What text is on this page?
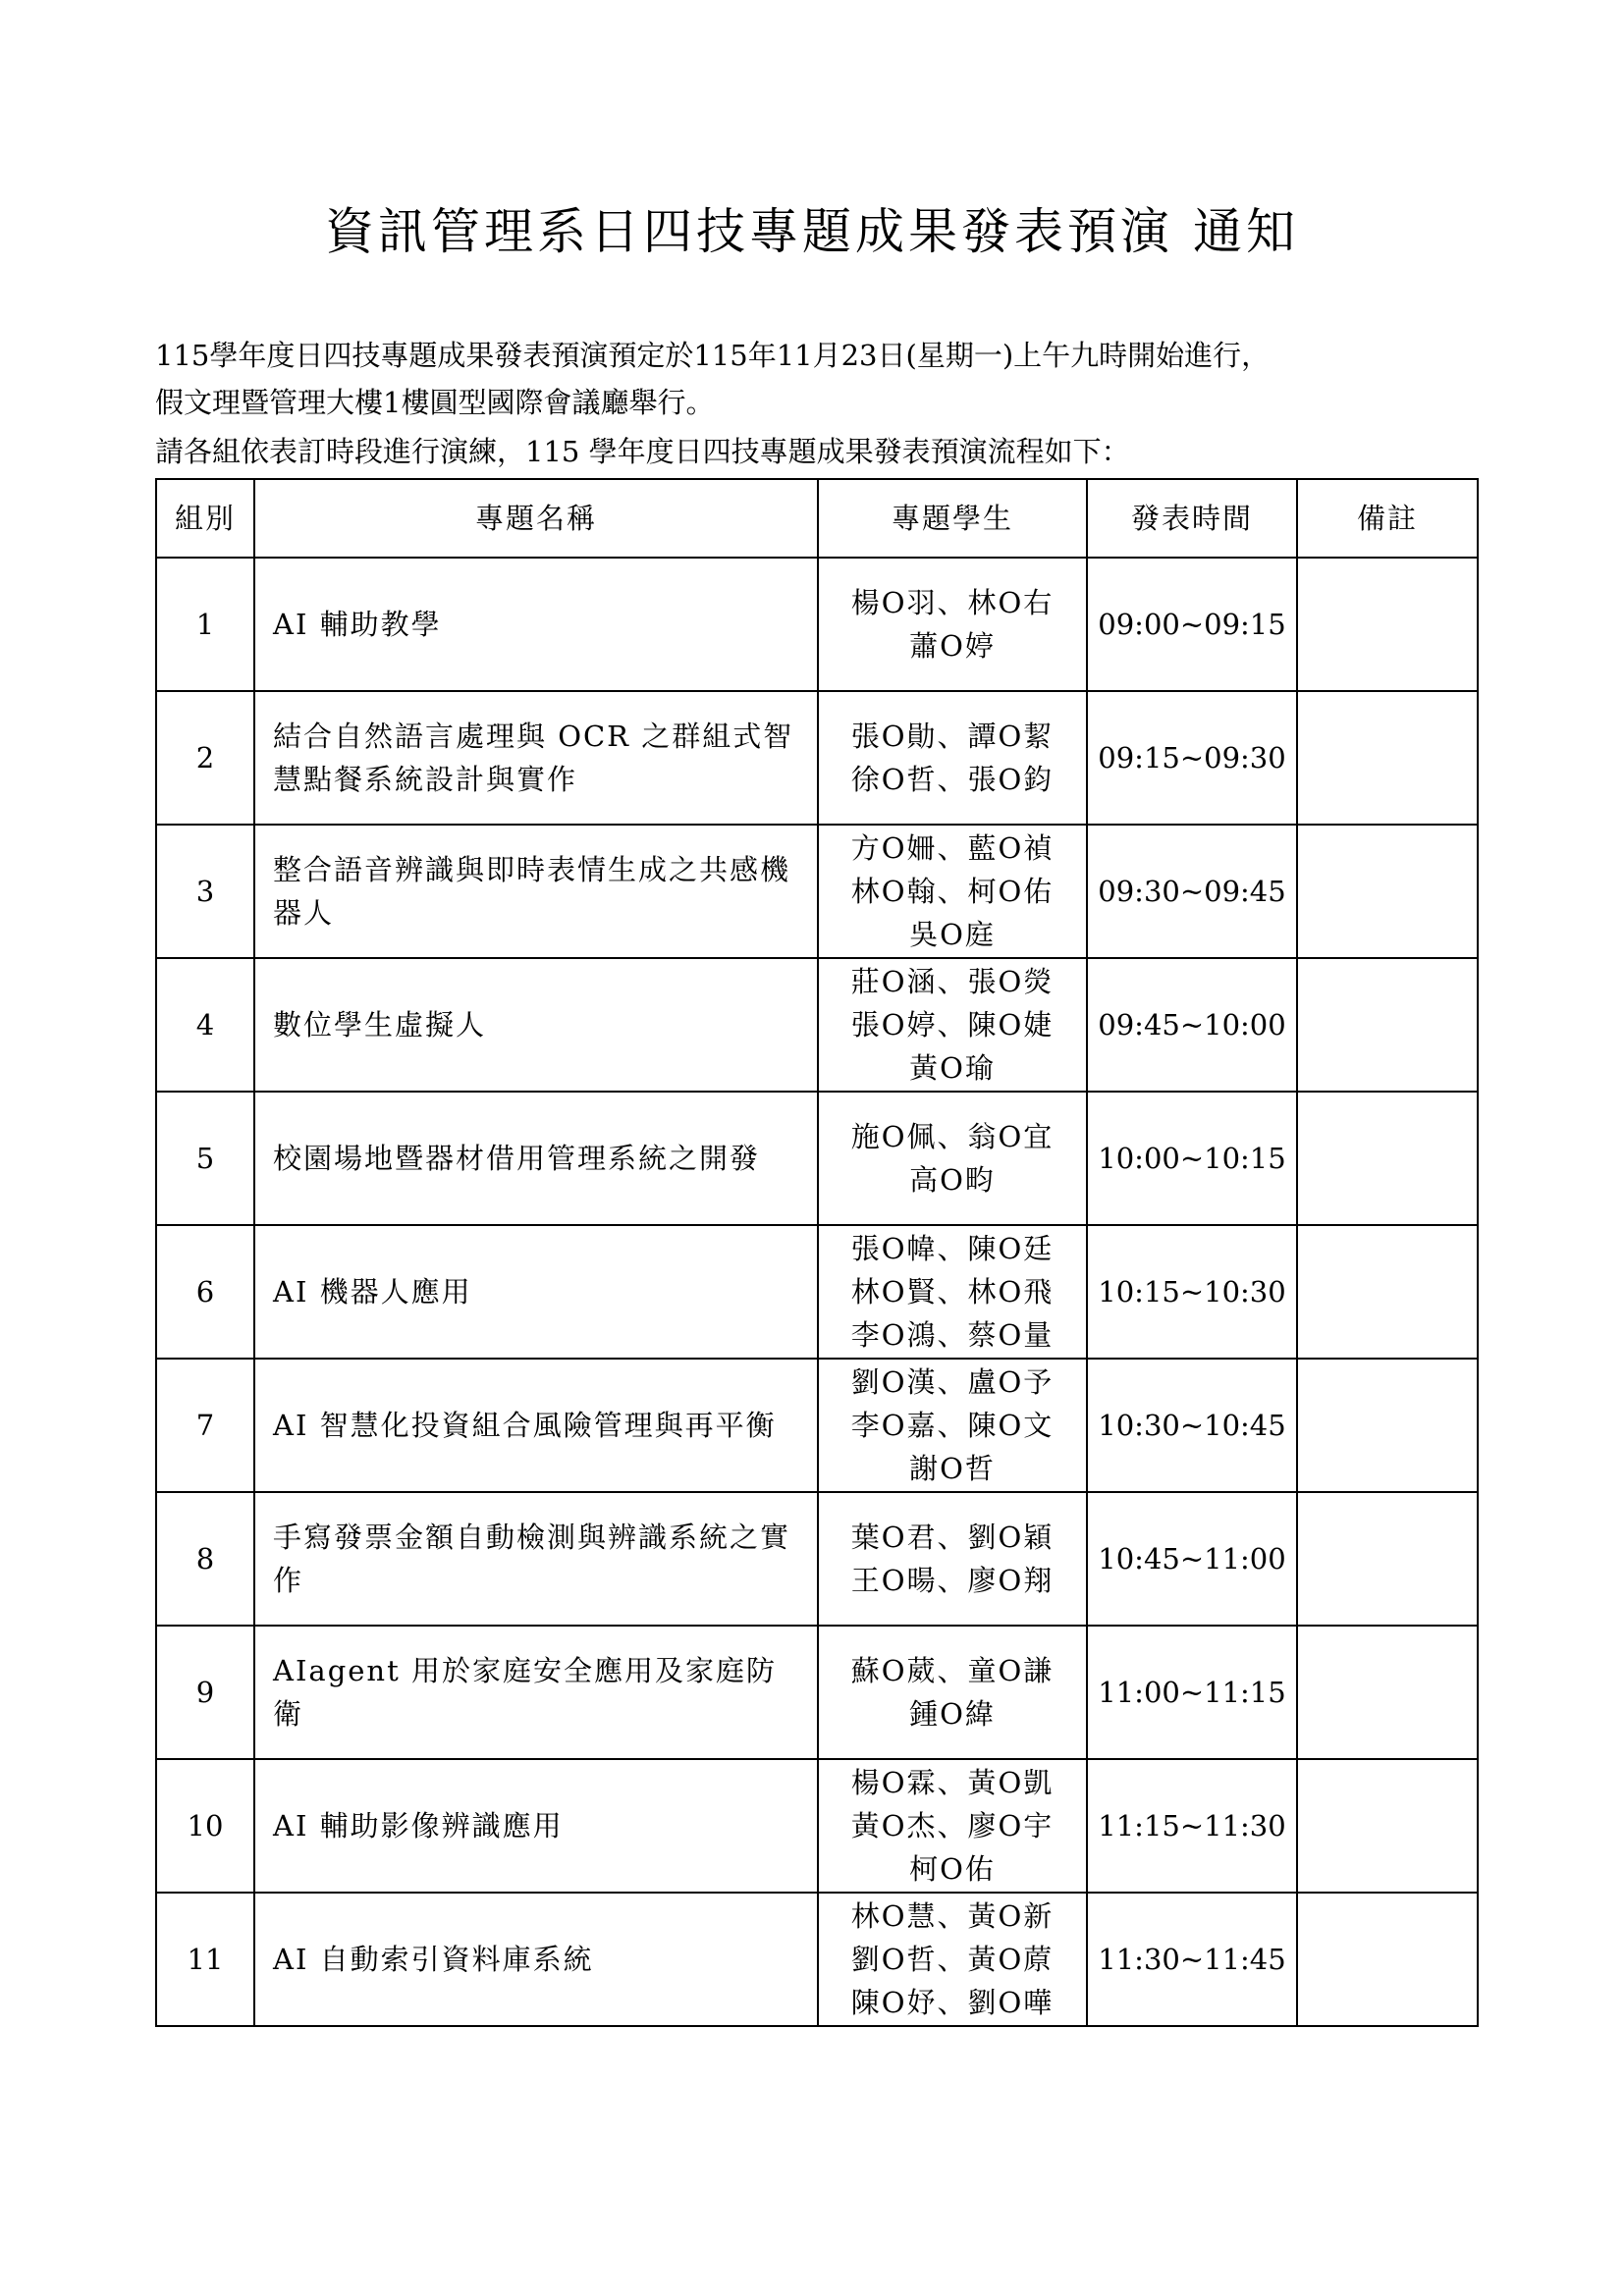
資訊管理系日四技專題成果發表預演 通知
115學年度日四技專題成果發表預演預定於115年11月23日(星期一)上午九時開始進行，
假文理暨管理大樓1樓圓型國際會議廳舉行。
請各組依表訂時段進行演練，115 學年度日四技專題成果發表預演流程如下：
組別	專題名稱	專題學生	發表時間	備註
1	AI 輔助教學	楊O羽、林O右
蕭O婷	09:00~09:15	
2	結合自然語言處理與 OCR 之群組式智慧點餐系統設計與實作	張O勛、譚O絜
徐O哲、張O鈞	09:15~09:30	
3	整合語音辨識與即時表情生成之共感機器人	方O姍、藍O禎
林O翰、柯O佑
吳O庭	09:30~09:45	
4	數位學生虛擬人	莊O涵、張O熒
張O婷、陳O婕
黃O瑜	09:45~10:00	
5	校園場地暨器材借用管理系統之開發	施O佩、翁O宜
高O畇	10:00~10:15	
6	AI 機器人應用	張O幃、陳O廷
林O賢、林O飛
李O鴻、蔡O量	10:15~10:30	
7	AI 智慧化投資組合風險管理與再平衡	劉O漢、盧O予
李O嘉、陳O文
謝O哲	10:30~10:45	
8	手寫發票金額自動檢測與辨識系統之實作	葉O君、劉O穎
王O暘、廖O翔	10:45~11:00	
9	AIagent 用於家庭安全應用及家庭防衛	蘇O葳、童O謙
鍾O緯	11:00~11:15	
10	AI 輔助影像辨識應用	楊O霖、黃O凱
黃O杰、廖O宇
柯O佑	11:15~11:30	
11	AI 自動索引資料庫系統	林O慧、黃O新
劉O哲、黃O蒝
陳O妤、劉O嘩	11:30~11:45	
